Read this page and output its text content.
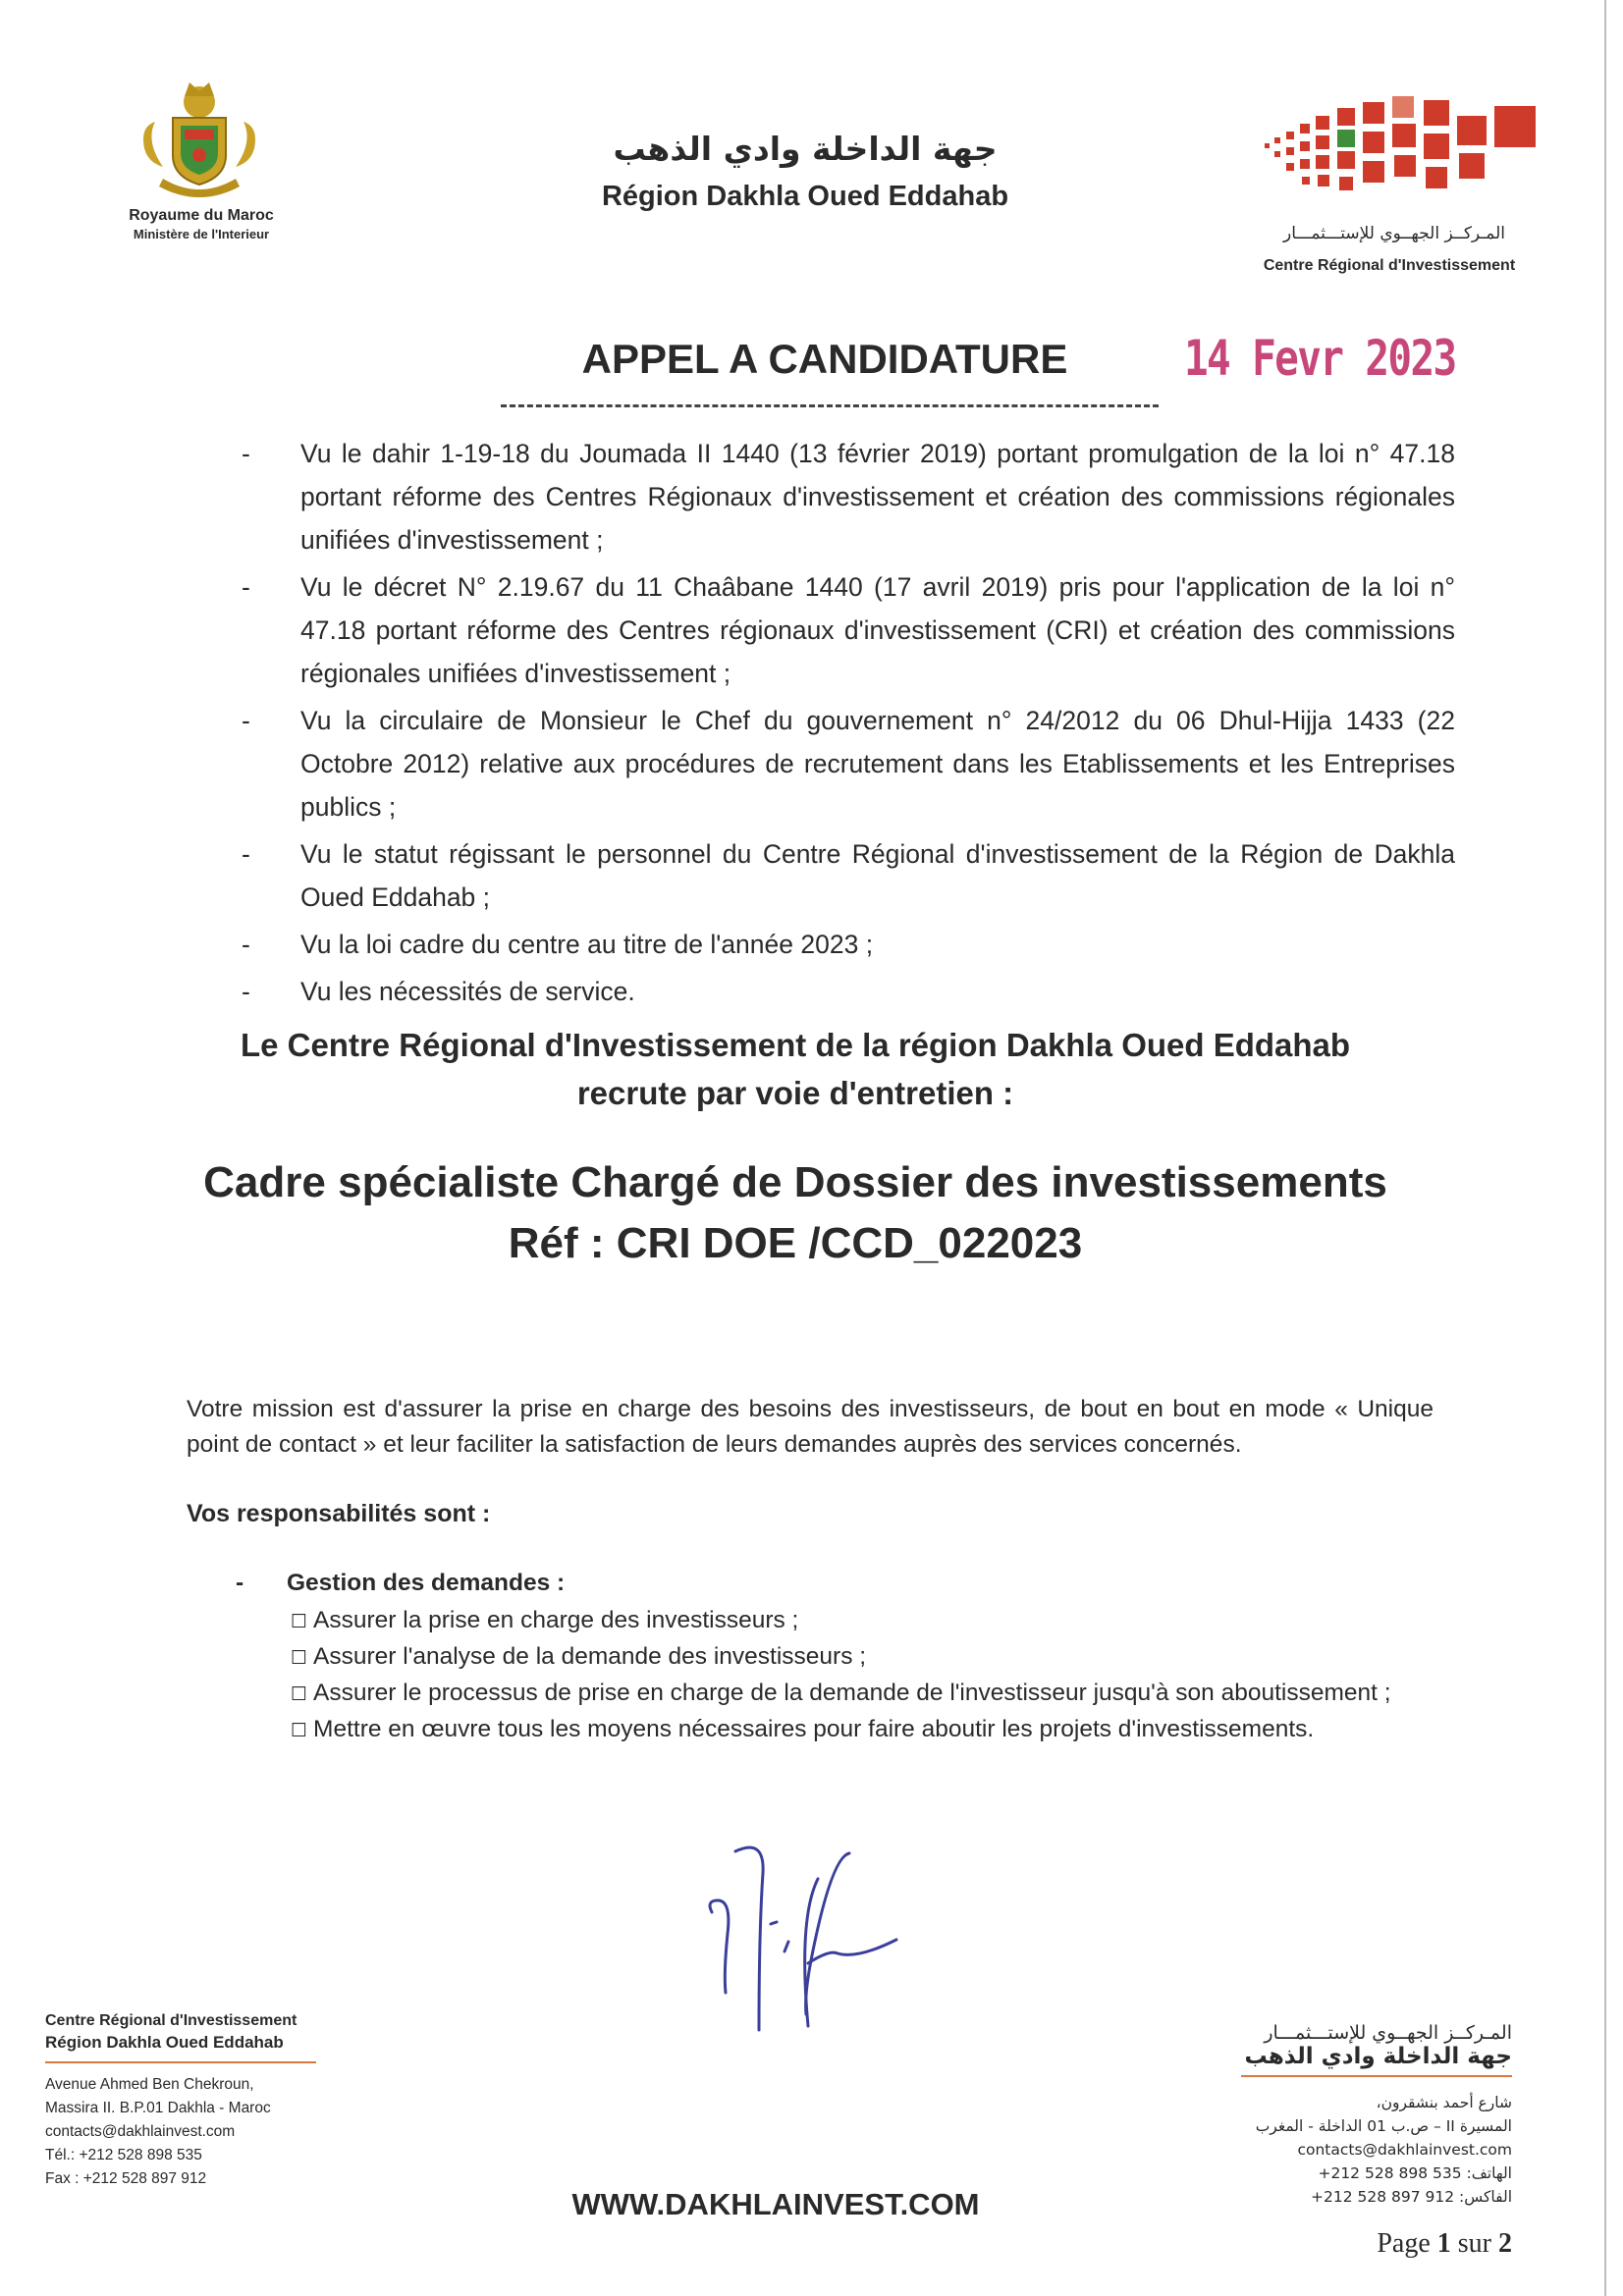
Royaume du Maroc
Ministère de l'Interieur
جهة الداخلة وادي الذهب
Région Dakhla Oued Eddahab
المـركــز الجهــوي للإستـــثمـــار
Centre Régional d'Investissement
APPEL A CANDIDATURE	14 Fevr 2023
- Vu le dahir 1-19-18 du Joumada II 1440 (13 février 2019) portant promulgation de la loi n° 47.18 portant réforme des Centres Régionaux d'investissement et création des commissions régionales unifiées d'investissement ;
- Vu le décret N° 2.19.67 du 11 Chaâbane 1440 (17 avril 2019) pris pour l'application de la loi n° 47.18 portant réforme des Centres régionaux d'investissement (CRI) et création des commissions régionales unifiées d'investissement ;
- Vu la circulaire de Monsieur le Chef du gouvernement n° 24/2012 du 06 Dhul-Hijja 1433 (22 Octobre 2012) relative aux procédures de recrutement dans les Etablissements et les Entreprises publics ;
- Vu le statut régissant le personnel du Centre Régional d'investissement de la Région de Dakhla Oued Eddahab ;
- Vu la loi cadre du centre au titre de l'année 2023 ;
- Vu les nécessités de service.
Le Centre Régional d'Investissement de la région Dakhla Oued Eddahab
recrute par voie d'entretien :
Cadre spécialiste Chargé de Dossier des investissements
Réf : CRI DOE /CCD_022023
Votre mission est d'assurer la prise en charge des besoins des investisseurs, de bout en bout en mode « Unique point de contact » et leur faciliter la satisfaction de leurs demandes auprès des services concernés.
Vos responsabilités sont :
- Gestion des demandes :
☐ Assurer la prise en charge des investisseurs ;
☐ Assurer l'analyse de la demande des investisseurs ;
☐ Assurer le processus de prise en charge de la demande de l'investisseur jusqu'à son aboutissement ;
☐ Mettre en œuvre tous les moyens nécessaires pour faire aboutir les projets d'investissements.
Centre Régional d'Investissement
Région Dakhla Oued Eddahab
Avenue Ahmed Ben Chekroun,
Massira II. B.P.01 Dakhla - Maroc
contacts@dakhlainvest.com
Tél.: +212 528 898 535
Fax : +212 528 897 912
WWW.DAKHLAINVEST.COM
المـركــز الجهــوي للإستـــثمـــار
جهة الداخلة وادي الذهب
شارع أحمد بنشقرون،
المسيرة II – ص.ب 01 الداخلة - المغرب
contacts@dakhlainvest.com
+212 528 898 535 :الهاتف
+212 528 897 912 :الفاكس
Page 1 sur 2
